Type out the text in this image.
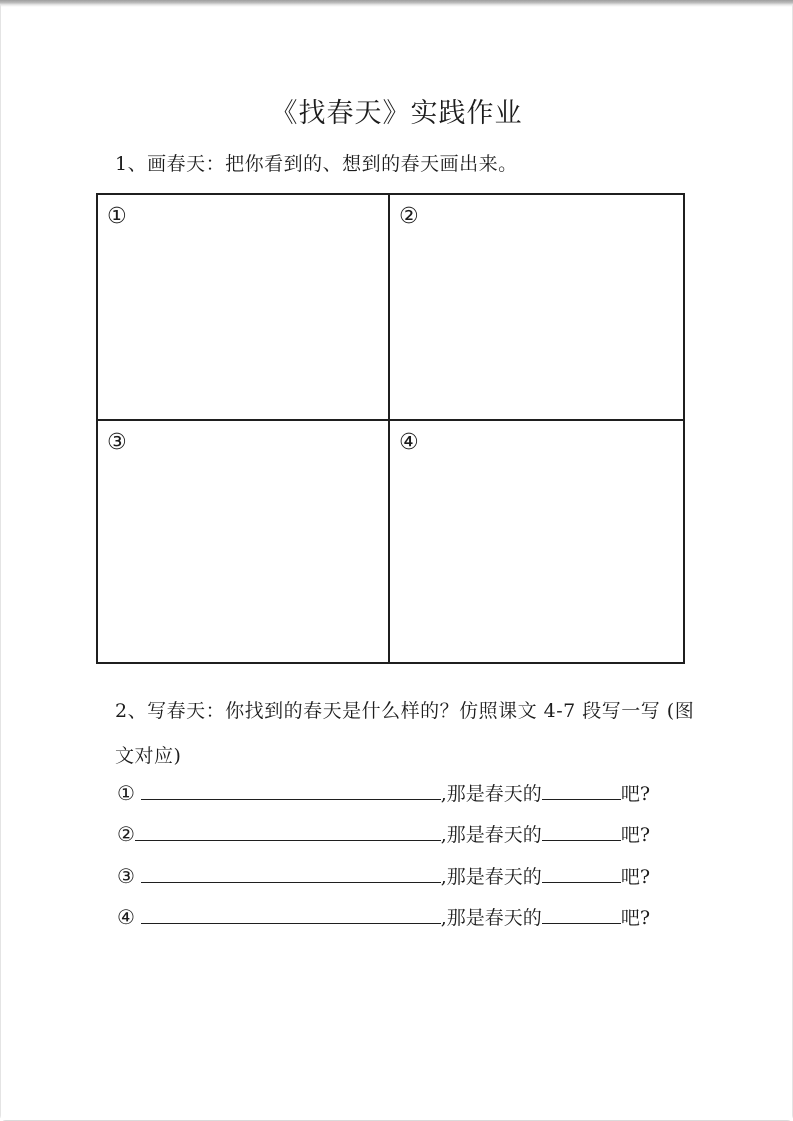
《找春天》实践作业
1、画春天：把你看到的、想到的春天画出来。
①	②
③	④
2、写春天：你找到的春天是什么样的？仿照课文 4-7 段写一写 (图
文对应)
①
	,那是春天的	吧?
②	,那是春天的	吧?
③
	,那是春天的	吧?
④
	,那是春天的	吧?
